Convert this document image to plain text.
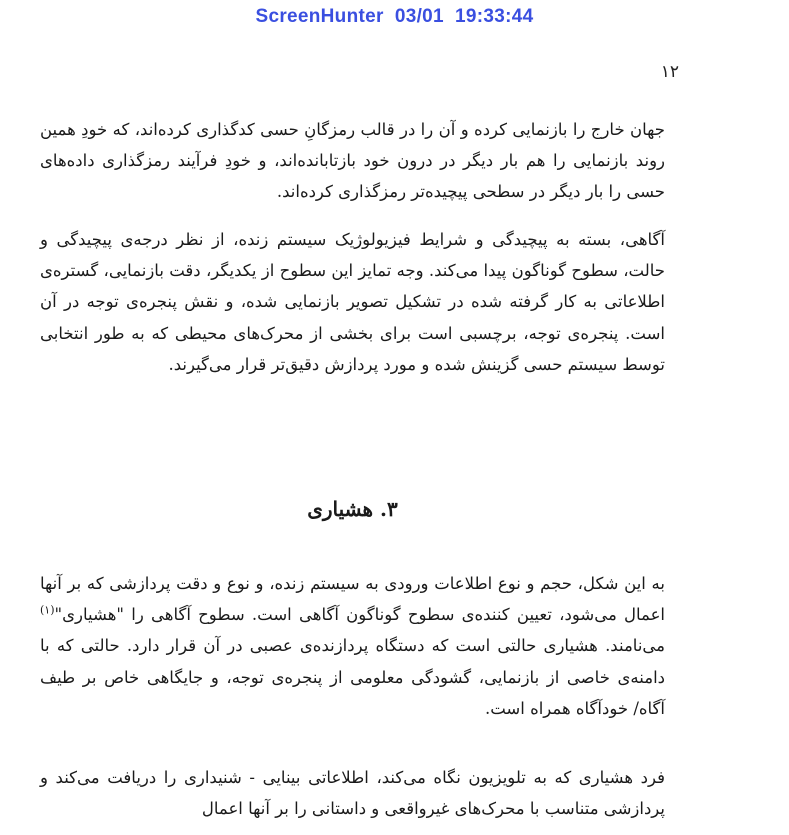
ScreenHunter  03/01  19:33:44
۱۲

جهان خارج را بازنمایی کرده و آن را در قالب رمزگانِ حسی کدگذاری کرده‌اند، که خودِ همین روند بازنمایی را هم بار دیگر در درون خود بازتابانده‌اند، و خودِ فرآیند رمزگذاری داده‌های حسی را بار دیگر در سطحی پیچیده‌تر رمزگذاری کرده‌اند.

آگاهی، بسته به پیچیدگی و شرایط فیزیولوژیک سیستم زنده، از نظر درجه‌ی پیچیدگی و حالت، سطوح گوناگون پیدا می‌کند. وجه تمایز این سطوح از یکدیگر، دقت بازنمایی، گستره‌ی اطلاعاتی به کار گرفته شده در تشکیل تصویر بازنمایی شده، و نقش پنجره‌ی توجه در آن است. پنجره‌ی توجه، برچسبی است برای بخشی از محرک‌های محیطی که به طور انتخابی توسط سیستم حسی گزینش شده و مورد پردازش دقیق‌تر قرار می‌گیرند.

۳. هشیاری

به این شکل، حجم و نوع اطلاعات ورودی به سیستم زنده، و نوع و دقت پردازشی که بر آنها اعمال می‌شود، تعیین کننده‌ی سطوح گوناگون آگاهی است. سطوح آگاهی را "هشیاری"$^{(۱)}$ می‌نامند. هشیاری حالتی است که دستگاه پردازنده‌ی عصبی در آن قرار دارد. حالتی که با دامنه‌ی خاصی از بازنمایی، گشودگی معلومی از پنجره‌ی توجه، و جایگاهی خاص بر طیف آگاه/ خودآگاه همراه است.

فرد هشیاری که به تلویزیون نگاه می‌کند، اطلاعاتی بینایی - شنیداری را دریافت می‌کند و پردازشی متناسب با محرک‌های غیرواقعی و داستانی را بر آنها اعمال
